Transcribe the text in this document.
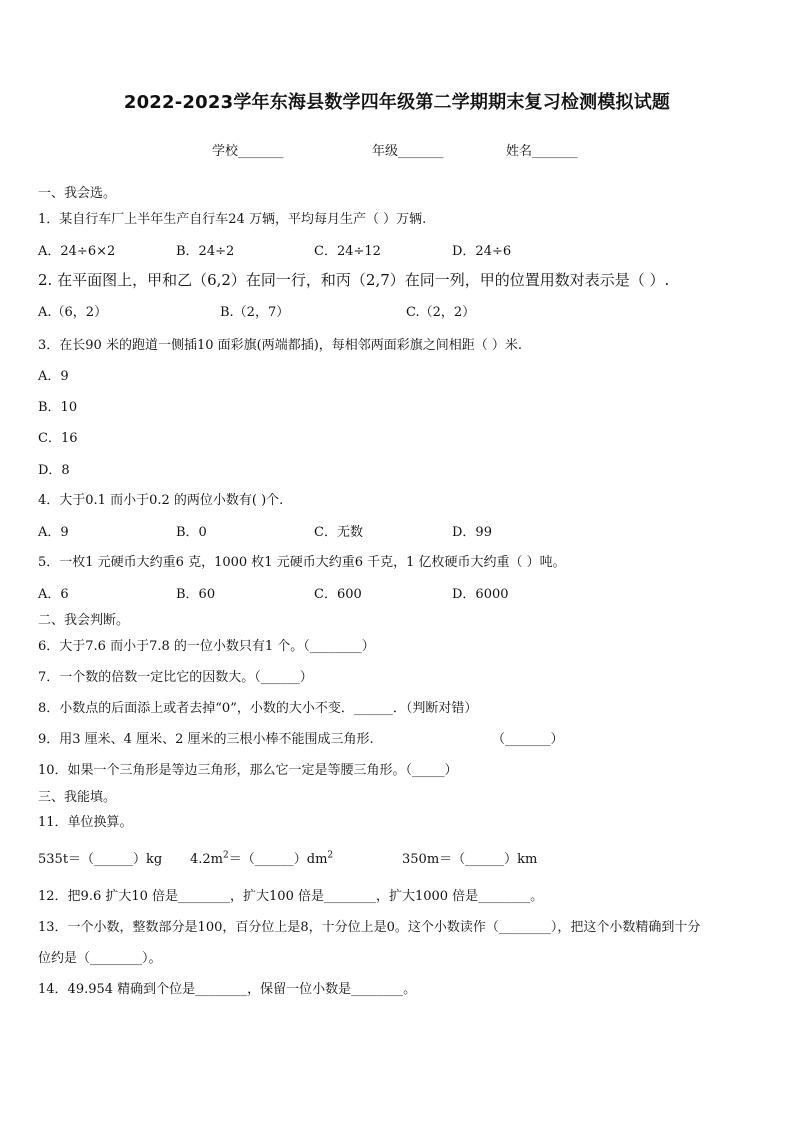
2022-2023学年东海县数学四年级第二学期期末复习检测模拟试题
学校_______	年级_______	姓名_______
一、我会选。
1．某自行车厂上半年生产自行车24 万辆，平均每月生产（ ）万辆.
A．24÷6×2	B．24÷2	C．24÷12	D．24÷6
2. 在平面图上，甲和乙（6,2）在同一行，和丙（2,7）在同一列，甲的位置用数对表示是（ ）.
A.（6，2）	B.（2，7）	C.（2，2）
3．在长90 米的跑道一侧插10 面彩旗(两端都插)，每相邻两面彩旗之间相距（ ）米.
A．9
B．10
C．16
D．8
4．大于0.1 而小于0.2 的两位小数有( )个.
A．9	B．0	C．无数	D．99
5．一枚1 元硬币大约重6 克，1000 枚1 元硬币大约重6 千克，1 亿枚硬币大约重（ ）吨。
A．6	B．60	C．600	D．6000
二、我会判断。
6．大于7.6 而小于7.8 的一位小数只有1 个。（________）
7．一个数的倍数一定比它的因数大。（______）
8．小数点的后面添上或者去掉“0”，小数的大小不变．______．（判断对错）
9．用3 厘米、4 厘米、2 厘米的三根小棒不能围成三角形.	（_______）
10．如果一个三角形是等边三角形，那么它一定是等腰三角形。（_____）
三、我能填。
11．单位换算。
535t＝（______）kg $4.2m^2=(\_\_\_\_\_\_)dm^2$	350m＝（______）km
12．把9.6 扩大10 倍是________，扩大100 倍是________，扩大1000 倍是________。
13．一个小数，整数部分是100，百分位上是8，十分位上是0。这个小数读作（________），把这个小数精确到十分
位约是（________）。
14．49.954 精确到个位是________，保留一位小数是________。
